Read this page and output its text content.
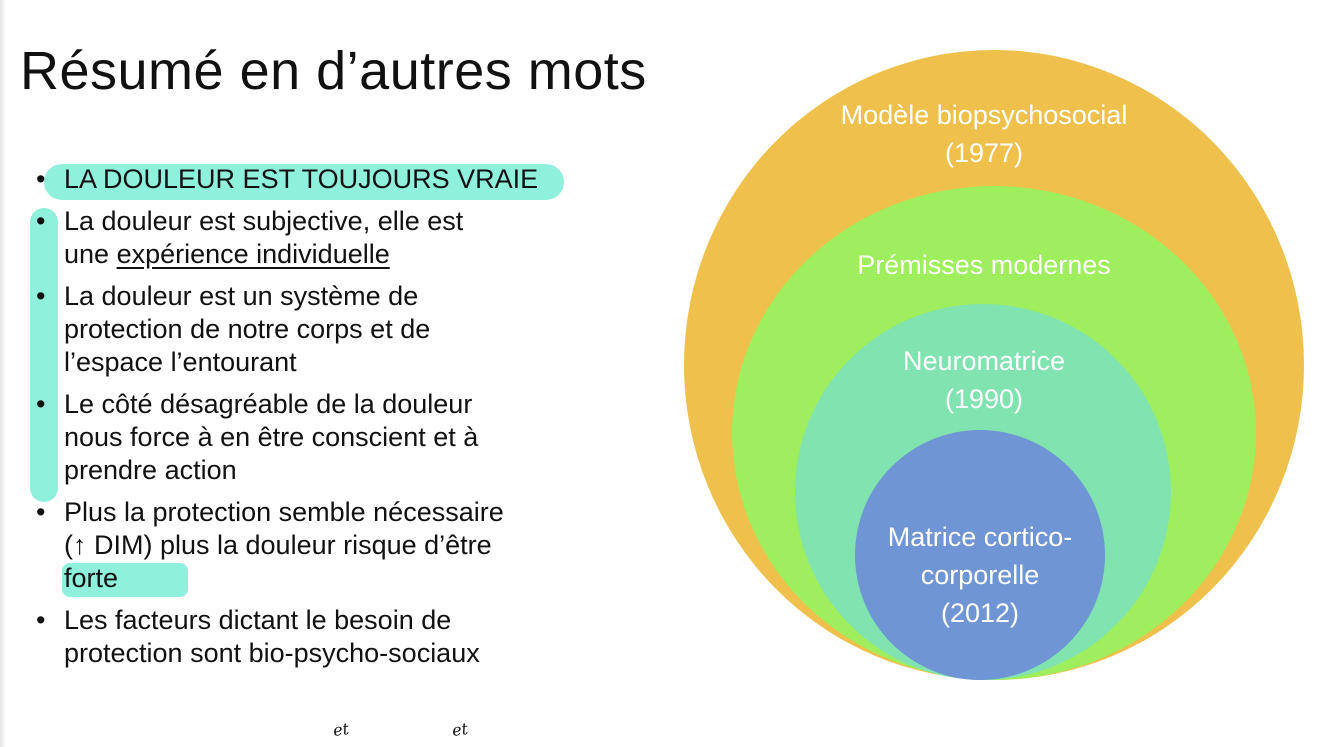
Résumé en d’autres mots
• LA DOULEUR EST TOUJOURS VRAIE
• La douleur est subjective, elle est
une expérience individuelle
• La douleur est un système de
protection de notre corps et de
l’espace l’entourant
• Le côté désagréable de la douleur
nous force à en être conscient et à
prendre action
• Plus la protection semble nécessaire
(↑ DIM) plus la douleur risque d’être
forte
• Les facteurs dictant le besoin de
protection sont bio-psycho-sociaux
et	et
Modèle biopsychosocial
(1977)
Prémisses modernes
Neuromatrice
(1990)
Matrice cortico-
corporelle
(2012)
